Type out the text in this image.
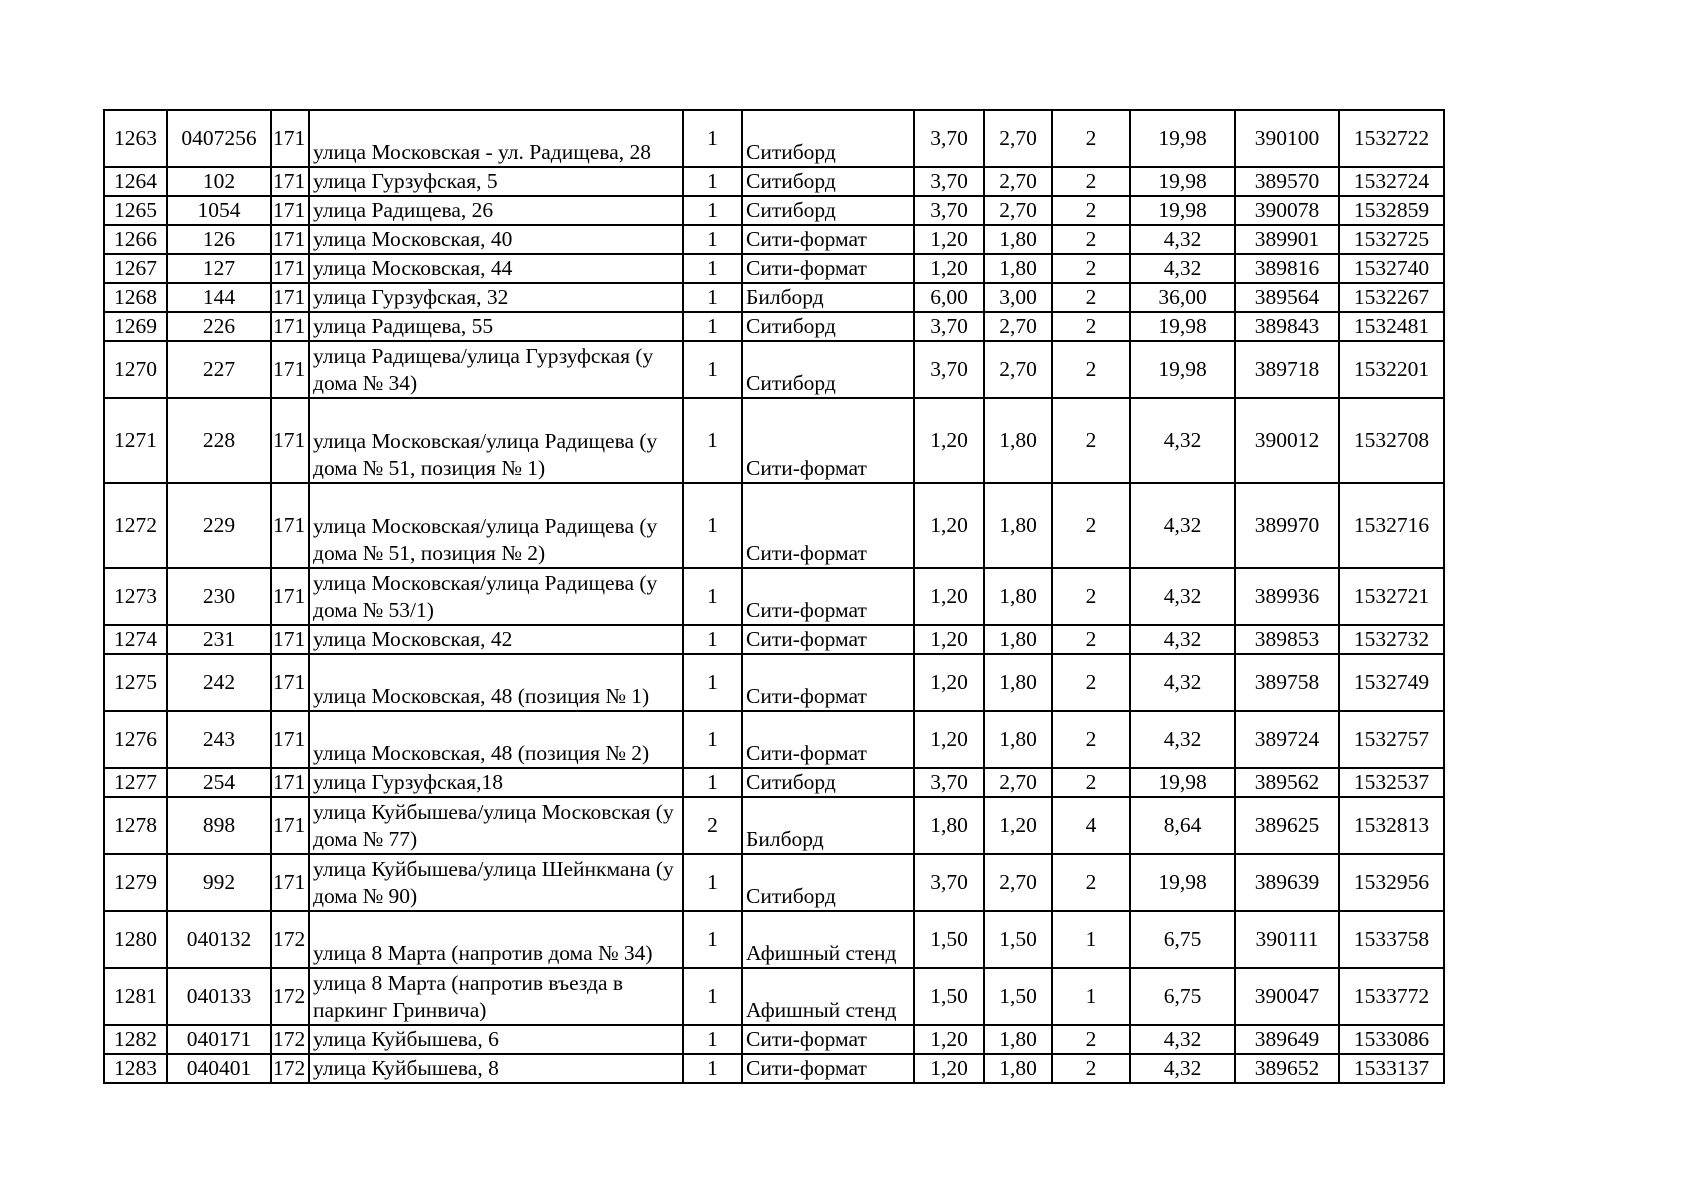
1263	0407256	171	улица Московская - ул. Радищева, 28	1	Ситиборд	3,70	2,70	2	19,98	390100	1532722
1264	102	171	улица Гурзуфская, 5	1	Ситиборд	3,70	2,70	2	19,98	389570	1532724
1265	1054	171	улица Радищева, 26	1	Ситиборд	3,70	2,70	2	19,98	390078	1532859
1266	126	171	улица Московская, 40	1	Сити-формат	1,20	1,80	2	4,32	389901	1532725
1267	127	171	улица Московская, 44	1	Сити-формат	1,20	1,80	2	4,32	389816	1532740
1268	144	171	улица Гурзуфская, 32	1	Билборд	6,00	3,00	2	36,00	389564	1532267
1269	226	171	улица Радищева, 55	1	Ситиборд	3,70	2,70	2	19,98	389843	1532481
1270	227	171	улица Радищева/улица Гурзуфская (у дома № 34)	1	Ситиборд	3,70	2,70	2	19,98	389718	1532201
1271	228	171	улица Московская/улица Радищева (у дома № 51, позиция № 1)	1	Сити-формат	1,20	1,80	2	4,32	390012	1532708
1272	229	171	улица Московская/улица Радищева (у дома № 51, позиция № 2)	1	Сити-формат	1,20	1,80	2	4,32	389970	1532716
1273	230	171	улица Московская/улица Радищева (у дома № 53/1)	1	Сити-формат	1,20	1,80	2	4,32	389936	1532721
1274	231	171	улица Московская, 42	1	Сити-формат	1,20	1,80	2	4,32	389853	1532732
1275	242	171	улица Московская, 48 (позиция № 1)	1	Сити-формат	1,20	1,80	2	4,32	389758	1532749
1276	243	171	улица Московская, 48 (позиция № 2)	1	Сити-формат	1,20	1,80	2	4,32	389724	1532757
1277	254	171	улица Гурзуфская,18	1	Ситиборд	3,70	2,70	2	19,98	389562	1532537
1278	898	171	улица Куйбышева/улица Московская (у дома № 77)	2	Билборд	1,80	1,20	4	8,64	389625	1532813
1279	992	171	улица Куйбышева/улица Шейнкмана (у дома № 90)	1	Ситиборд	3,70	2,70	2	19,98	389639	1532956
1280	040132	172	улица 8 Марта (напротив дома № 34)	1	Афишный стенд	1,50	1,50	1	6,75	390111	1533758
1281	040133	172	улица 8 Марта (напротив въезда в паркинг Гринвича)	1	Афишный стенд	1,50	1,50	1	6,75	390047	1533772
1282	040171	172	улица Куйбышева, 6	1	Сити-формат	1,20	1,80	2	4,32	389649	1533086
1283	040401	172	улица Куйбышева, 8	1	Сити-формат	1,20	1,80	2	4,32	389652	1533137
